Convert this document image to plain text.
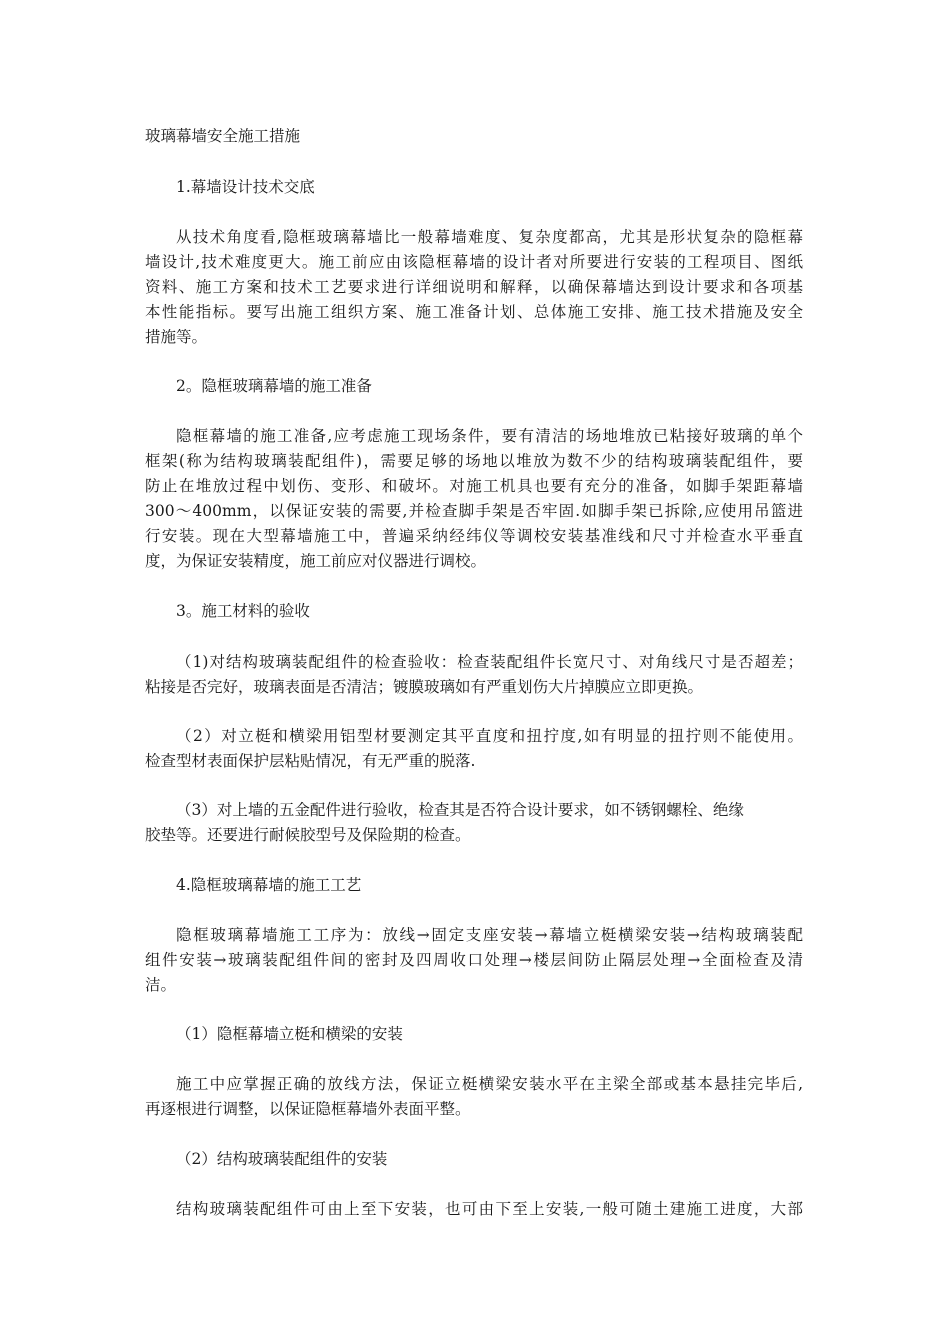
玻璃幕墙安全施工措施
1.幕墙设计技术交底
从技术角度看,隐框玻璃幕墙比一般幕墙难度、复杂度都高，尤其是形状复杂的隐框幕
墙设计,技术难度更大。施工前应由该隐框幕墙的设计者对所要进行安装的工程项目、图纸
资料、施工方案和技术工艺要求进行详细说明和解释，以确保幕墙达到设计要求和各项基
本性能指标。要写出施工组织方案、施工准备计划、总体施工安排、施工技术措施及安全
措施等。
2。隐框玻璃幕墙的施工准备
隐框幕墙的施工准备,应考虑施工现场条件，要有清洁的场地堆放已粘接好玻璃的单个
框架(称为结构玻璃装配组件)，需要足够的场地以堆放为数不少的结构玻璃装配组件，要
防止在堆放过程中划伤、变形、和破坏。对施工机具也要有充分的准备，如脚手架距幕墙
300～400mm，以保证安装的需要,并检查脚手架是否牢固.如脚手架已拆除,应使用吊篮进
行安装。现在大型幕墙施工中，普遍采纳经纬仪等调校安装基准线和尺寸并检查水平垂直
度，为保证安装精度，施工前应对仪器进行调校。
3。施工材料的验收
（1)对结构玻璃装配组件的检查验收：检查装配组件长宽尺寸、对角线尺寸是否超差；
粘接是否完好，玻璃表面是否清洁；镀膜玻璃如有严重划伤大片掉膜应立即更换。
（2）对立梃和横梁用铝型材要测定其平直度和扭拧度,如有明显的扭拧则不能使用。
检查型材表面保护层粘贴情况，有无严重的脱落.
（3）对上墙的五金配件进行验收，检查其是否符合设计要求，如不锈钢螺栓、绝缘
胶垫等。还要进行耐候胶型号及保险期的检查。
4.隐框玻璃幕墙的施工工艺
隐框玻璃幕墙施工工序为：放线→固定支座安装→幕墙立梃横梁安装→结构玻璃装配
组件安装→玻璃装配组件间的密封及四周收口处理→楼层间防止隔层处理→全面检查及清
洁。
（1）隐框幕墙立梃和横梁的安装
施工中应掌握正确的放线方法，保证立梃横梁安装水平在主梁全部或基本悬挂完毕后,
再逐根进行调整，以保证隐框幕墙外表面平整。
（2）结构玻璃装配组件的安装
结构玻璃装配组件可由上至下安装，也可由下至上安装,一般可随土建施工进度，大部
